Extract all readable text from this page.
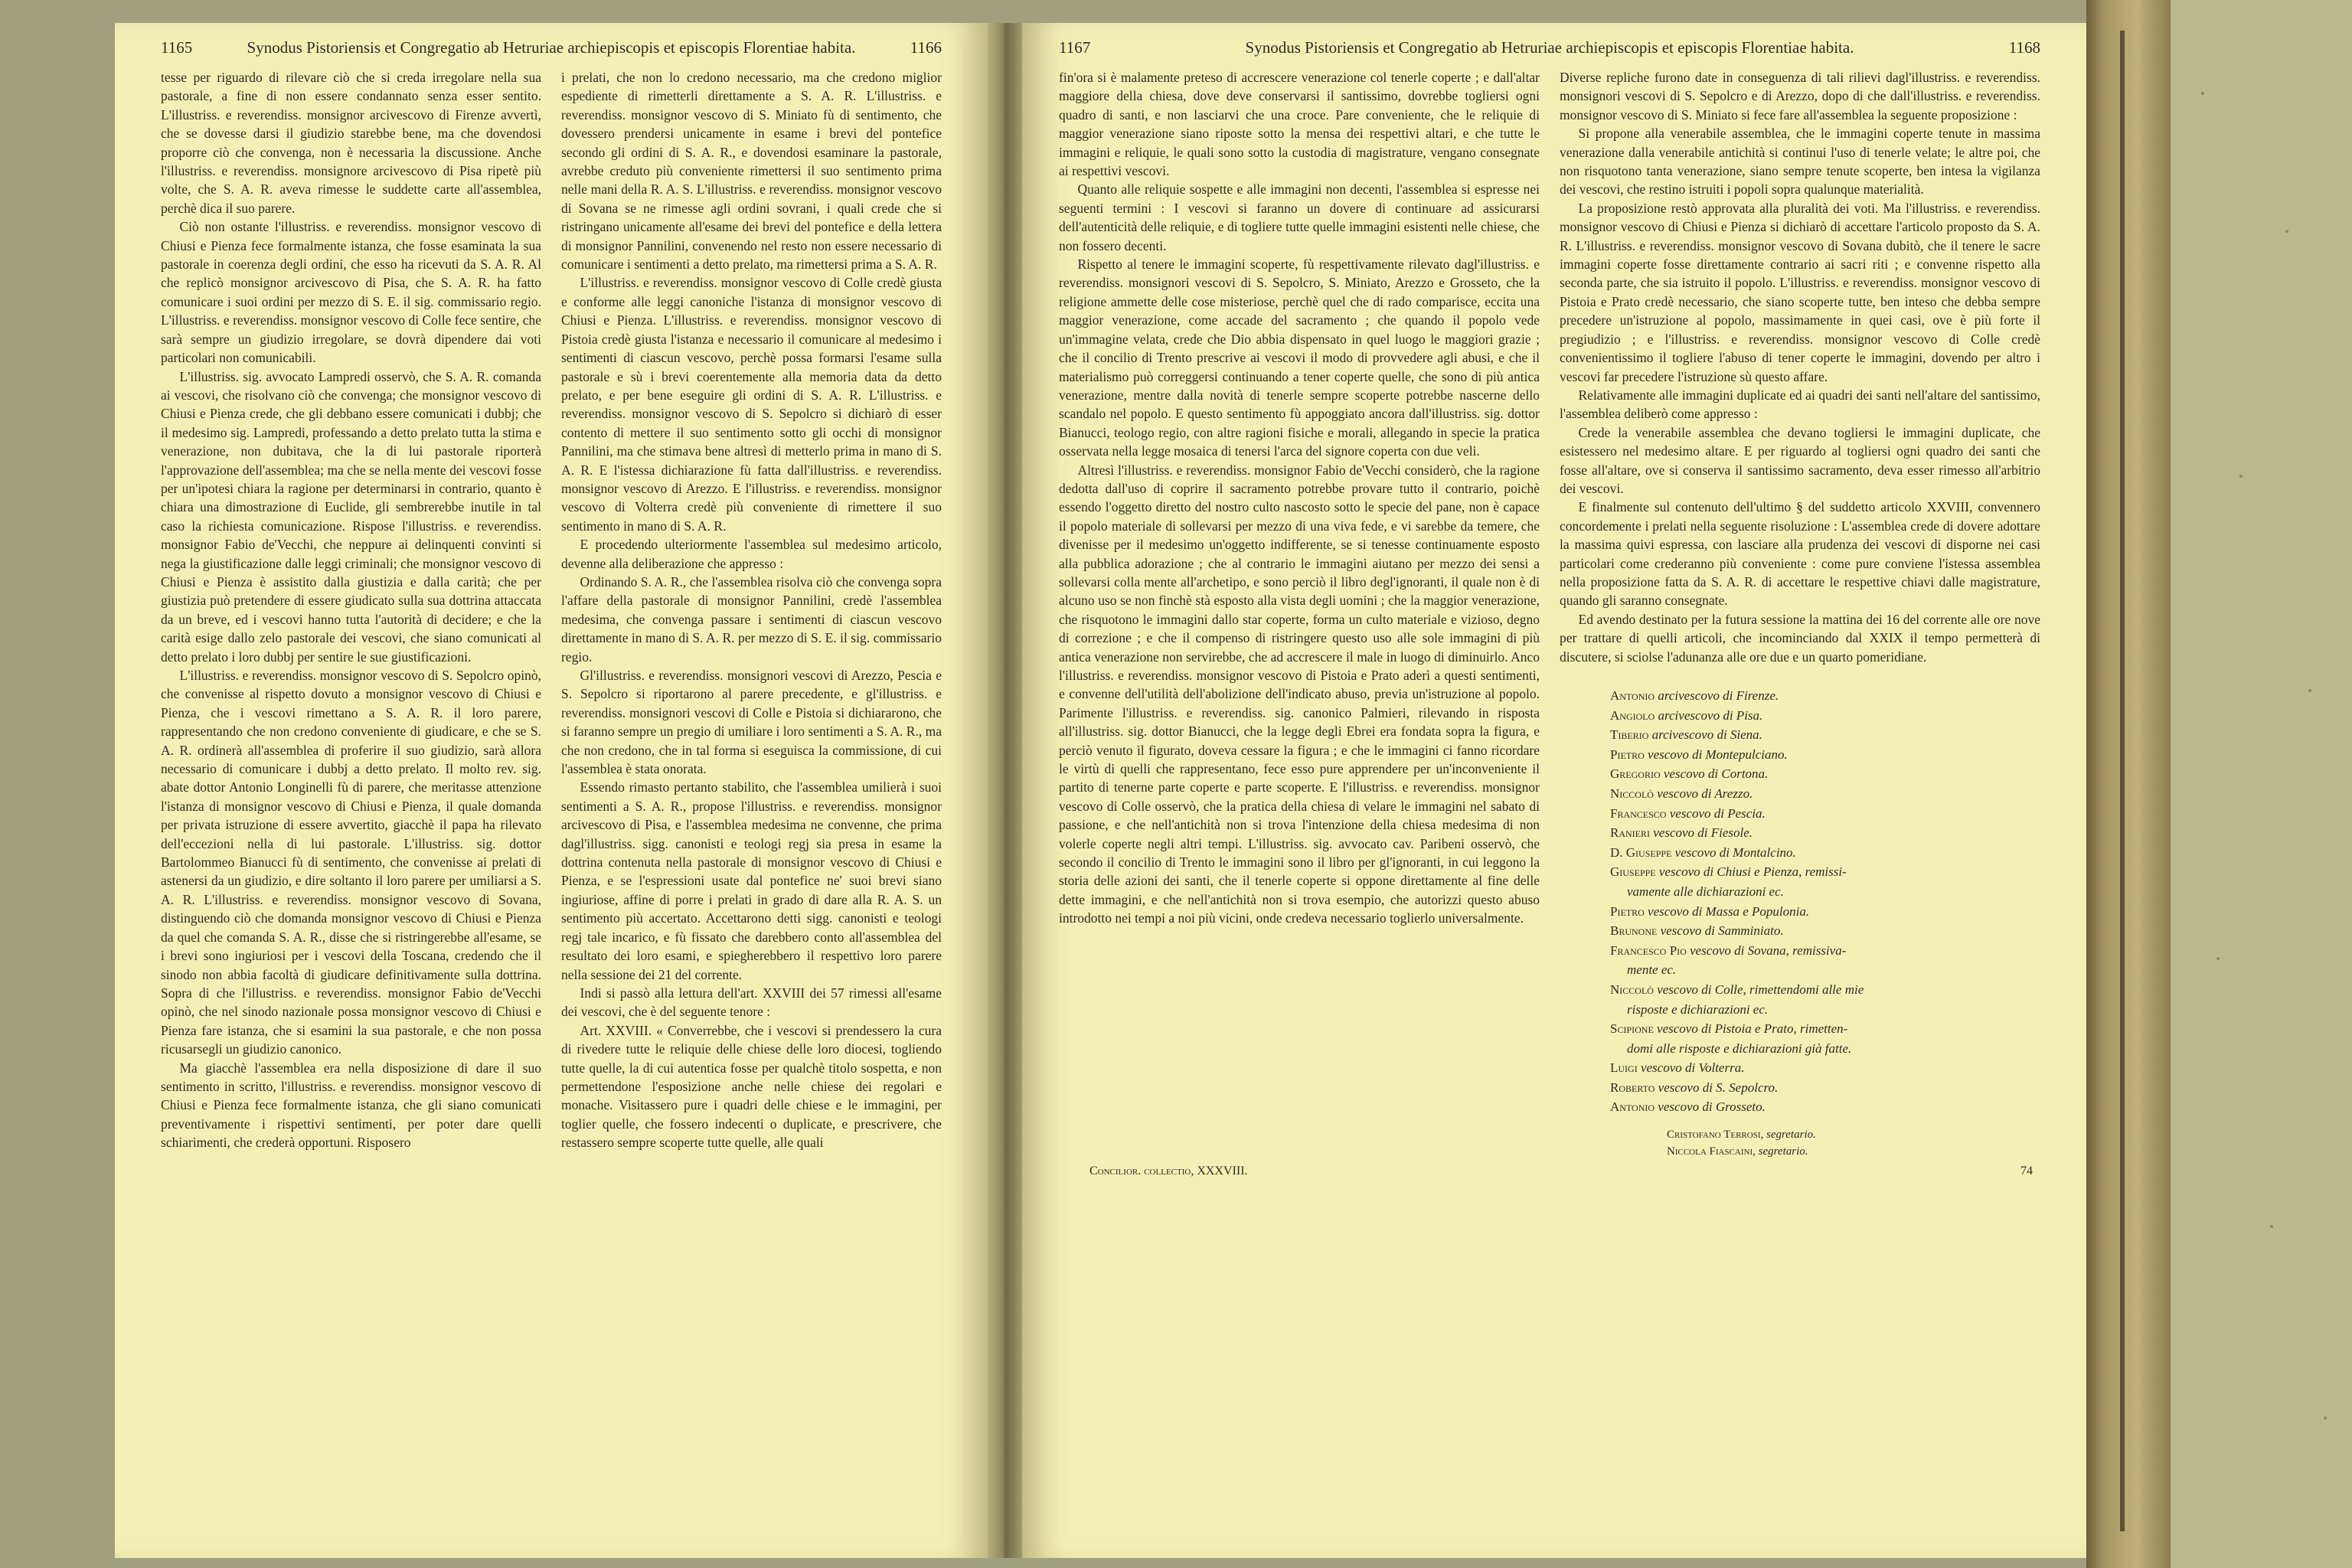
1165	Synodus Pistoriensis et Congregatio ab Hetruriae archiepiscopis et episcopis Florentiae habita.	1166

tesse per riguardo di rilevare ciò che si creda irregolare nella sua pastorale, a fine di non essere condannato senza esser sentito. L'illustriss. e reverendiss. monsignor arcivescovo di Firenze avvertì, che se dovesse darsi il giudizio starebbe bene, ma che dovendosi proporre ciò che convenga, non è necessaria la discussione. Anche l'illustriss. e reverendiss. monsignore arcivescovo di Pisa ripetè più volte, che S. A. R. aveva rimesse le suddette carte all'assemblea, perchè dica il suo parere.

Ciò non ostante l'illustriss. e reverendiss. monsignor vescovo di Chiusi e Pienza fece formalmente istanza, che fosse esaminata la sua pastorale in coerenza degli ordini, che esso ha ricevuti da S. A. R. Al che replicò monsignor arcivescovo di Pisa, che S. A. R. ha fatto comunicare i suoi ordini per mezzo di S. E. il sig. commissario regio. L'illustriss. e reverendiss. monsignor vescovo di Colle fece sentire, che sarà sempre un giudizio irregolare, se dovrà dipendere dai voti particolari non comunicabili.

L'illustriss. sig. avvocato Lampredi osservò, che S. A. R. comanda ai vescovi, che risolvano ciò che convenga; che monsignor vescovo di Chiusi e Pienza crede, che gli debbano essere comunicati i dubbj; che il medesimo sig. Lampredi, professando a detto prelato tutta la stima e venerazione, non dubitava, che la di lui pastorale riporterà l'approvazione dell'assemblea; ma che se nella mente dei vescovi fosse per un'ipotesi chiara la ragione per determinarsi in contrario, quanto è chiara una dimostrazione di Euclide, gli sembrerebbe inutile in tal caso la richiesta comunicazione. Rispose l'illustriss. e reverendiss. monsignor Fabio de'Vecchi, che neppure ai delinquenti convinti si nega la giustificazione dalle leggi criminali; che monsignor vescovo di Chiusi e Pienza è assistito dalla giustizia e dalla carità; che per giustizia può pretendere di essere giudicato sulla sua dottrina attaccata da un breve, ed i vescovi hanno tutta l'autorità di decidere; e che la carità esige dallo zelo pastorale dei vescovi, che siano comunicati al detto prelato i loro dubbj per sentire le sue giustificazioni.

L'illustriss. e reverendiss. monsignor vescovo di S. Sepolcro opinò, che convenisse al rispetto dovuto a monsignor vescovo di Chiusi e Pienza, che i vescovi rimettano a S. A. R. il loro parere, rappresentando che non credono conveniente di giudicare, e che se S. A. R. ordinerà all'assemblea di proferire il suo giudizio, sarà allora necessario di comunicare i dubbj a detto prelato. Il molto rev. sig. abate dottor Antonio Longinelli fù di parere, che meritasse attenzione l'istanza di monsignor vescovo di Chiusi e Pienza, il quale domanda per privata istruzione di essere avvertito, giacchè il papa ha rilevato dell'eccezioni nella di lui pastorale. L'illustriss. sig. dottor Bartolommeo Bianucci fù di sentimento, che convenisse ai prelati di astenersi da un giudizio, e dire soltanto il loro parere per umiliarsi a S. A. R. L'illustriss. e reverendiss. monsignor vescovo di Sovana, distinguendo ciò che domanda monsignor vescovo di Chiusi e Pienza da quel che comanda S. A. R., disse che si ristringerebbe all'esame, se i brevi sono ingiuriosi per i vescovi della Toscana, credendo che il sinodo non abbia facoltà di giudicare definitivamente sulla dottrina. Sopra di che l'illustriss. e reverendiss. monsignor Fabio de'Vecchi opinò, che nel sinodo nazionale possa monsignor vescovo di Chiusi e Pienza fare istanza, che si esamini la sua pastorale, e che non possa ricusarsegli un giudizio canonico.

Ma giacchè l'assemblea era nella disposizione di dare il suo sentimento in scritto, l'illustriss. e reverendiss. monsignor vescovo di Chiusi e Pienza fece formalmente istanza, che gli siano comunicati preventivamente i rispettivi sentimenti, per poter dare quelli schiarimenti, che crederà opportuni. Risposero

i prelati, che non lo credono necessario, ma che credono miglior espediente di rimetterli direttamente a S. A. R. L'illustriss. e reverendiss. monsignor vescovo di S. Miniato fù di sentimento, che dovessero prendersi unicamente in esame i brevi del pontefice secondo gli ordini di S. A. R., e dovendosi esaminare la pastorale, avrebbe creduto più conveniente rimettersi il suo sentimento prima nelle mani della R. A. S. L'illustriss. e reverendiss. monsignor vescovo di Sovana se ne rimesse agli ordini sovrani, i quali crede che si ristringano unicamente all'esame dei brevi del pontefice e della lettera di monsignor Pannilini, convenendo nel resto non essere necessario di comunicare i sentimenti a detto prelato, ma rimettersi prima a S. A. R.

L'illustriss. e reverendiss. monsignor vescovo di Colle credè giusta e conforme alle leggi canoniche l'istanza di monsignor vescovo di Chiusi e Pienza. L'illustriss. e reverendiss. monsignor vescovo di Pistoia credè giusta l'istanza e necessario il comunicare al medesimo i sentimenti di ciascun vescovo, perchè possa formarsi l'esame sulla pastorale e sù i brevi coerentemente alla memoria data da detto prelato, e per bene eseguire gli ordini di S. A. R. L'illustriss. e reverendiss. monsignor vescovo di S. Sepolcro si dichiarò di esser contento di mettere il suo sentimento sotto gli occhi di monsignor Pannilini, ma che stimava bene altresì di metterlo prima in mano di S. A. R. E l'istessa dichiarazione fù fatta dall'illustriss. e reverendiss. monsignor vescovo di Arezzo. E l'illustriss. e reverendiss. monsignor vescovo di Volterra credè più conveniente di rimettere il suo sentimento in mano di S. A. R.

E procedendo ulteriormente l'assemblea sul medesimo articolo, devenne alla deliberazione che appresso :

Ordinando S. A. R., che l'assemblea risolva ciò che convenga sopra l'affare della pastorale di monsignor Pannilini, credè l'assemblea medesima, che convenga passare i sentimenti di ciascun vescovo direttamente in mano di S. A. R. per mezzo di S. E. il sig. commissario regio.

Gl'illustriss. e reverendiss. monsignori vescovi di Arezzo, Pescia e S. Sepolcro si riportarono al parere precedente, e gl'illustriss. e reverendiss. monsignori vescovi di Colle e Pistoia si dichiararono, che si faranno sempre un pregio di umiliare i loro sentimenti a S. A. R., ma che non credono, che in tal forma si eseguisca la commissione, di cui l'assemblea è stata onorata.

Essendo rimasto pertanto stabilito, che l'assemblea umilierà i suoi sentimenti a S. A. R., propose l'illustriss. e reverendiss. monsignor arcivescovo di Pisa, e l'assemblea medesima ne convenne, che prima dagl'illustriss. sigg. canonisti e teologi regj sia presa in esame la dottrina contenuta nella pastorale di monsignor vescovo di Chiusi e Pienza, e se l'espressioni usate dal pontefice ne' suoi brevi siano ingiuriose, affine di porre i prelati in grado di dare alla R. A. S. un sentimento più accertato. Accettarono detti sigg. canonisti e teologi regj tale incarico, e fù fissato che darebbero conto all'assemblea del resultato dei loro esami, e spiegherebbero il respettivo loro parere nella sessione dei 21 del corrente.

Indi si passò alla lettura dell'art. XXVIII dei 57 rimessi all'esame dei vescovi, che è del seguente tenore :

Art. XXVIII. « Converrebbe, che i vescovi si prendessero la cura di rivedere tutte le reliquie delle chiese delle loro diocesi, togliendo tutte quelle, la di cui autentica fosse per qualchè titolo sospetta, e non permettendone l'esposizione anche nelle chiese dei regolari e monache. Visitassero pure i quadri delle chiese e le immagini, per toglier quelle, che fossero indecenti o duplicate, e prescrivere, che restassero sempre scoperte tutte quelle, alle quali

1167	Synodus Pistoriensis et Congregatio ab Hetruriae archiepiscopis et episcopis Florentiae habita.	1168

fin'ora si è malamente preteso di accrescere venerazione col tenerle coperte ; e dall'altar maggiore della chiesa, dove deve conservarsi il santissimo, dovrebbe togliersi ogni quadro di santi, e non lasciarvi che una croce. Pare conveniente, che le reliquie di maggior venerazione siano riposte sotto la mensa dei respettivi altari, e che tutte le immagini e reliquie, le quali sono sotto la custodia di magistrature, vengano consegnate ai respettivi vescovi.

Quanto alle reliquie sospette e alle immagini non decenti, l'assemblea si espresse nei seguenti termini : I vescovi si faranno un dovere di continuare ad assicurarsi dell'autenticità delle reliquie, e di togliere tutte quelle immagini esistenti nelle chiese, che non fossero decenti.

Rispetto al tenere le immagini scoperte, fù respettivamente rilevato dagl'illustriss. e reverendiss. monsignori vescovi di S. Sepolcro, S. Miniato, Arezzo e Grosseto, che la religione ammette delle cose misteriose, perchè quel che di rado comparisce, eccita una maggior venerazione, come accade del sacramento ; che quando il popolo vede un'immagine velata, crede che Dio abbia dispensato in quel luogo le maggiori grazie ; che il concilio di Trento prescrive ai vescovi il modo di provvedere agli abusi, e che il materialismo può correggersi continuando a tener coperte quelle, che sono di più antica venerazione, mentre dalla novità di tenerle sempre scoperte potrebbe nascerne dello scandalo nel popolo. E questo sentimento fù appoggiato ancora dall'illustriss. sig. dottor Bianucci, teologo regio, con altre ragioni fisiche e morali, allegando in specie la pratica osservata nella legge mosaica di tenersi l'arca del signore coperta con due veli.

Altresì l'illustriss. e reverendiss. monsignor Fabio de'Vecchi considerò, che la ragione dedotta dall'uso di coprire il sacramento potrebbe provare tutto il contrario, poichè essendo l'oggetto diretto del nostro culto nascosto sotto le specie del pane, non è capace il popolo materiale di sollevarsi per mezzo di una viva fede, e vi sarebbe da temere, che divenisse per il medesimo un'oggetto indifferente, se si tenesse continuamente esposto alla pubblica adorazione ; che al contrario le immagini aiutano per mezzo dei sensi a sollevarsi colla mente all'archetipo, e sono perciò il libro degl'ignoranti, il quale non è di alcuno uso se non finchè stà esposto alla vista degli uomini ; che la maggior venerazione, che risquotono le immagini dallo star coperte, forma un culto materiale e vizioso, degno di correzione ; e che il compenso di ristringere questo uso alle sole immagini di più antica venerazione non servirebbe, che ad accrescere il male in luogo di diminuirlo. Anco l'illustriss. e reverendiss. monsignor vescovo di Pistoia e Prato aderì a questi sentimenti, e convenne dell'utilità dell'abolizione dell'indicato abuso, previa un'istruzione al popolo. Parimente l'illustriss. e reverendiss. sig. canonico Palmieri, rilevando in risposta all'illustriss. sig. dottor Bianucci, che la legge degli Ebrei era fondata sopra la figura, e perciò venuto il figurato, doveva cessare la figura ; e che le immagini ci fanno ricordare le virtù di quelli che rappresentano, fece esso pure apprendere per un'inconveniente il partito di tenerne parte coperte e parte scoperte. E l'illustriss. e reverendiss. monsignor vescovo di Colle osservò, che la pratica della chiesa di velare le immagini nel sabato di passione, e che nell'antichità non si trova l'intenzione della chiesa medesima di non volerle coperte negli altri tempi. L'illustriss. sig. avvocato cav. Paribeni osservò, che secondo il concilio di Trento le immagini sono il libro per gl'ignoranti, in cui leggono la storia delle azioni dei santi, che il tenerle coperte si oppone direttamente al fine delle dette immagini, e che nell'antichità non si trova esempio, che autorizzi questo abuso introdotto nei tempi a noi più vicini, onde credeva necessario toglierlo universalmente.

Diverse repliche furono date in conseguenza di tali rilievi dagl'illustriss. e reverendiss. monsignori vescovi di S. Sepolcro e di Arezzo, dopo di che dall'illustriss. e reverendiss. monsignor vescovo di S. Miniato si fece fare all'assemblea la seguente proposizione :

Si propone alla venerabile assemblea, che le immagini coperte tenute in massima venerazione dalla venerabile antichità si continui l'uso di tenerle velate; le altre poi, che non risquotono tanta venerazione, siano sempre tenute scoperte, ben intesa la vigilanza dei vescovi, che restino istruiti i popoli sopra qualunque materialità.

La proposizione restò approvata alla pluralità dei voti. Ma l'illustriss. e reverendiss. monsignor vescovo di Chiusi e Pienza si dichiarò di accettare l'articolo proposto da S. A. R. L'illustriss. e reverendiss. monsignor vescovo di Sovana dubitò, che il tenere le sacre immagini coperte fosse direttamente contrario ai sacri riti ; e convenne rispetto alla seconda parte, che sia istruito il popolo. L'illustriss. e reverendiss. monsignor vescovo di Pistoia e Prato credè necessario, che siano scoperte tutte, ben inteso che debba sempre precedere un'istruzione al popolo, massimamente in quei casi, ove è più forte il pregiudizio ; e l'illustriss. e reverendiss. monsignor vescovo di Colle credè convenientissimo il togliere l'abuso di tener coperte le immagini, dovendo per altro i vescovi far precedere l'istruzione sù questo affare.

Relativamente alle immagini duplicate ed ai quadri dei santi nell'altare del santissimo, l'assemblea deliberò come appresso :

Crede la venerabile assemblea che devano togliersi le immagini duplicate, che esistessero nel medesimo altare. E per riguardo al togliersi ogni quadro dei santi che fosse all'altare, ove si conserva il santissimo sacramento, deva esser rimesso all'arbitrio dei vescovi.

E finalmente sul contenuto dell'ultimo § del suddetto articolo XXVIII, convennero concordemente i prelati nella seguente risoluzione : L'assemblea crede di dovere adottare la massima quivi espressa, con lasciare alla prudenza dei vescovi di disporne nei casi particolari come crederanno più conveniente : come pure conviene l'istessa assemblea nella proposizione fatta da S. A. R. di accettare le respettive chiavi dalle magistrature, quando gli saranno consegnate.

Ed avendo destinato per la futura sessione la mattina dei 16 del corrente alle ore nove per trattare di quelli articoli, che incominciando dal XXIX il tempo permetterà di discutere, si sciolse l'adunanza alle ore due e un quarto pomeridiane.

Antonio arcivescovo di Firenze.
Angiolo arcivescovo di Pisa.
Tiberio arcivescovo di Siena.
Pietro vescovo di Montepulciano.
Gregorio vescovo di Cortona.
Niccolò vescovo di Arezzo.
Francesco vescovo di Pescia.
Ranieri vescovo di Fiesole.
D. Giuseppe vescovo di Montalcino.
Giuseppe vescovo di Chiusi e Pienza, remissi-
vamente alle dichiarazioni ec.
Pietro vescovo di Massa e Populonia.
Brunone vescovo di Samminiato.
Francesco Pio vescovo di Sovana, remissiva-
mente ec.
Niccolò vescovo di Colle, rimettendomi alle mie
risposte e dichiarazioni ec.
Scipione vescovo di Pistoia e Prato, rimetten-
domi alle risposte e dichiarazioni già fatte.
Luigi vescovo di Volterra.
Roberto vescovo di S. Sepolcro.
Antonio vescovo di Grosseto.
Cristofano Terrosi, segretario.
Niccola Fiascaini, segretario.
Concilior. collectio, XXXVIII.	74
